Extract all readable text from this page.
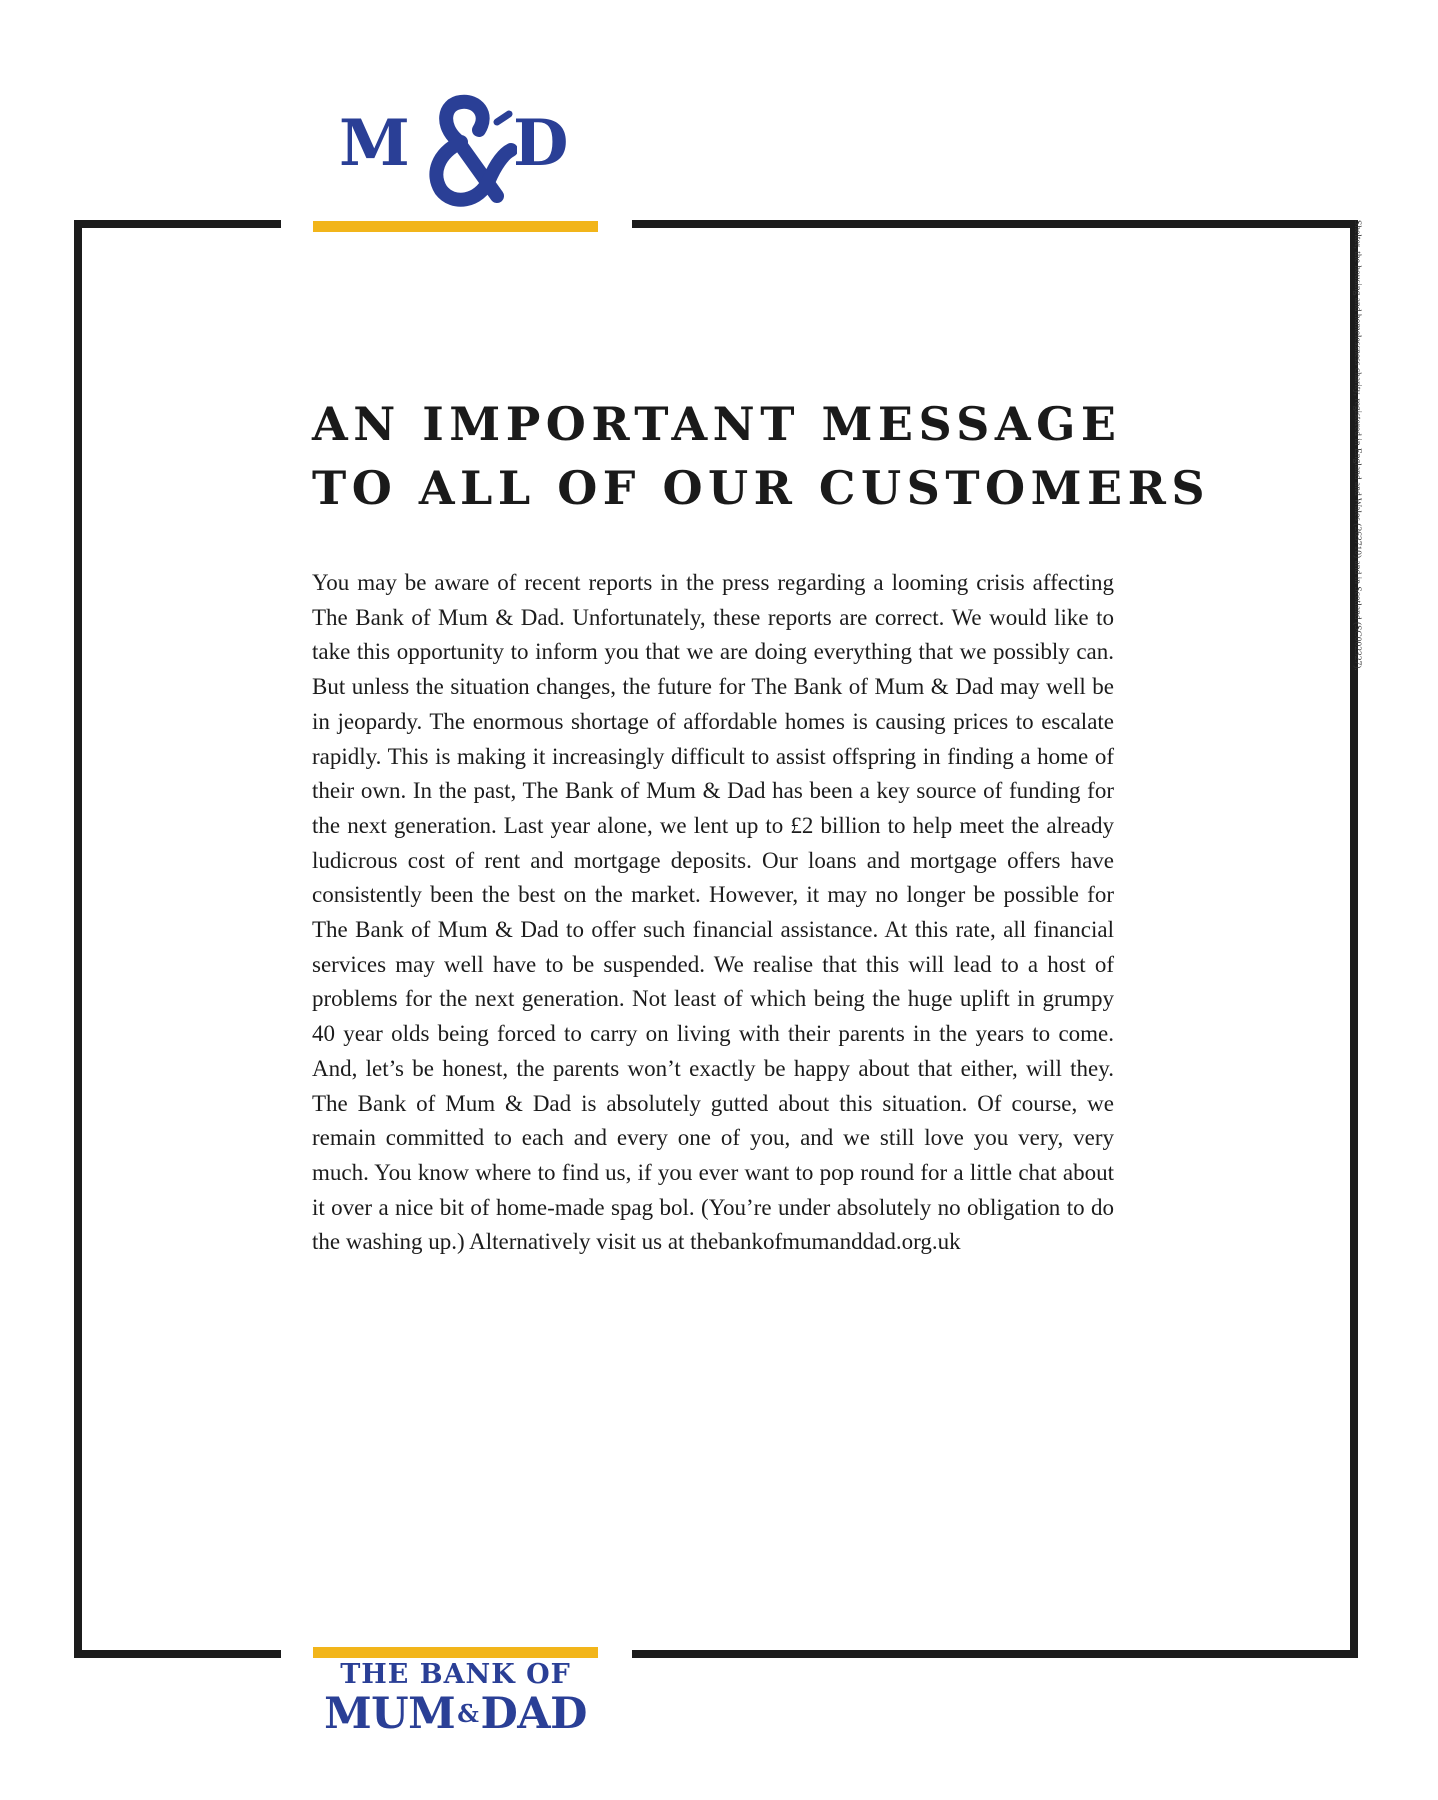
M D
Shelter, the housing and homelessness charity, registered in England and Wales (263710) and in Scotland (SC002327).
AN IMPORTANT MESSAGE
TO ALL OF OUR CUSTOMERS

You may be aware of recent reports in the press regarding a looming crisis affecting The Bank of Mum & Dad. Unfortunately, these reports are correct. We would like to take this opportunity to inform you that we are doing everything that we possibly can. But unless the situation changes, the future for The Bank of Mum & Dad may well be in jeopardy. The enormous shortage of affordable homes is causing prices to escalate rapidly. This is making it increasingly difficult to assist offspring in finding a home of their own. In the past, The Bank of Mum & Dad has been a key source of funding for the next generation. Last year alone, we lent up to £2 billion to help meet the already ludicrous cost of rent and mortgage deposits. Our loans and mortgage offers have consistently been the best on the market. However, it may no longer be possible for The Bank of Mum & Dad to offer such financial assistance. At this rate, all financial services may well have to be suspended. We realise that this will lead to a host of problems for the next generation. Not least of which being the huge uplift in grumpy 40 year olds being forced to carry on living with their parents in the years to come. And, let’s be honest, the parents won’t exactly be happy about that either, will they. The Bank of Mum & Dad is absolutely gutted about this situation. Of course, we remain committed to each and every one of you, and we still love you very, very much. You know where to find us, if you ever want to pop round for a little chat about it over a nice bit of home-made spag bol. (You’re under absolutely no obligation to do the washing up.) Alternatively visit us at thebankofmumanddad.org.uk

THE BANK OF
MUM&DAD
